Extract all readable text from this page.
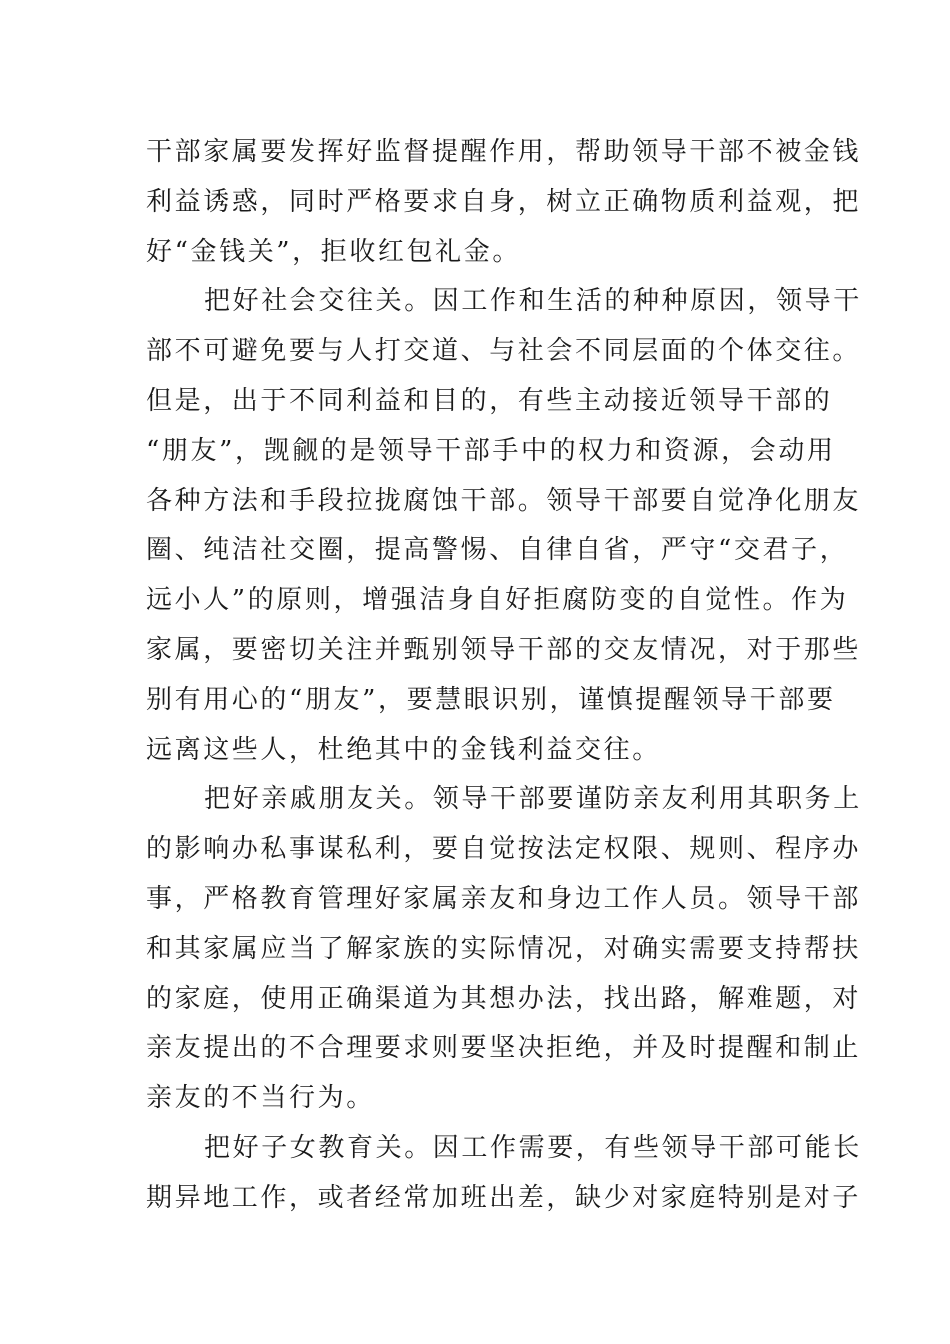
干部家属要发挥好监督提醒作用，帮助领导干部不被金钱
利益诱惑，同时严格要求自身，树立正确物质利益观，把
好“金钱关”，拒收红包礼金。
把好社会交往关。因工作和生活的种种原因，领导干
部不可避免要与人打交道、与社会不同层面的个体交往。
但是，出于不同利益和目的，有些主动接近领导干部的
“朋友”，觊觎的是领导干部手中的权力和资源，会动用
各种方法和手段拉拢腐蚀干部。领导干部要自觉净化朋友
圈、纯洁社交圈，提高警惕、自律自省，严守“交君子，
远小人”的原则，增强洁身自好拒腐防变的自觉性。作为
家属，要密切关注并甄别领导干部的交友情况，对于那些
别有用心的“朋友”，要慧眼识别，谨慎提醒领导干部要
远离这些人，杜绝其中的金钱利益交往。
把好亲戚朋友关。领导干部要谨防亲友利用其职务上
的影响办私事谋私利，要自觉按法定权限、规则、程序办
事，严格教育管理好家属亲友和身边工作人员。领导干部
和其家属应当了解家族的实际情况，对确实需要支持帮扶
的家庭，使用正确渠道为其想办法，找出路，解难题，对
亲友提出的不合理要求则要坚决拒绝，并及时提醒和制止
亲友的不当行为。
把好子女教育关。因工作需要，有些领导干部可能长
期异地工作，或者经常加班出差，缺少对家庭特别是对子
